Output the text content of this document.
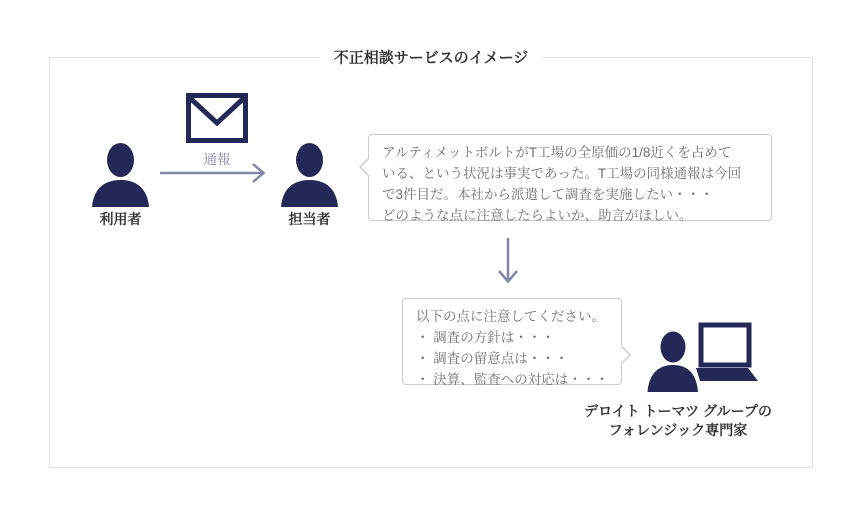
不正相談サービスのイメージ
利用者
通報
担当者
アルティメットボルトがT工場の全原価の1/8近くを占めて
いる、という状況は事実であった。T工場の同様通報は今回
で3件目だ。本社から派遣して調査を実施したい・・・
どのような点に注意したらよいか、助言がほしい。
以下の点に注意してください。
・ 調査の方針は・・・
・ 調査の留意点は・・・
・ 決算、監査への対応は・・・
デロイト トーマツ グループの
フォレンジック専門家
